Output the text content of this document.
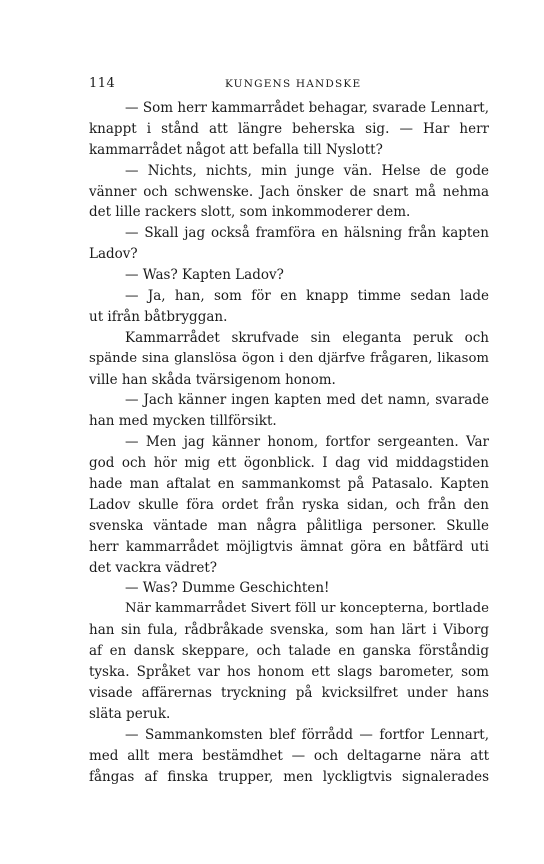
114	KUNGENS HANDSKE
— Som herr kammarrådet behagar, svarade Lennart,
knappt i stånd att längre beherska sig. — Har herr
kammarrådet något att befalla till Nyslott?
— Nichts, nichts, min junge vän. Helse de gode
vänner och schwenske. Jach önsker de snart må nehma
det lille rackers slott, som inkommoderer dem.
— Skall jag också framföra en hälsning från kapten
Ladov?
— Was? Kapten Ladov?
— Ja, han, som för en knapp timme sedan lade
ut ifrån båtbryggan.
Kammarrådet skrufvade sin eleganta peruk och
spände sina glanslösa ögon i den djärfve frågaren, likasom
ville han skåda tvärsigenom honom.
— Jach känner ingen kapten med det namn, svarade
han med mycken tillförsikt.
— Men jag känner honom, fortfor sergeanten. Var
god och hör mig ett ögonblick. I dag vid middagstiden
hade man aftalat en sammankomst på Patasalo. Kapten
Ladov skulle föra ordet från ryska sidan, och från den
svenska väntade man några pålitliga personer. Skulle
herr kammarrådet möjligtvis ämnat göra en båtfärd uti
det vackra vädret?
— Was? Dumme Geschichten!
När kammarrådet Sivert föll ur koncepterna, bortlade
han sin fula, rådbråkade svenska, som han lärt i Viborg
af en dansk skeppare, och talade en ganska förståndig
tyska. Språket var hos honom ett slags barometer, som
visade affärernas tryckning på kvicksilfret under hans
släta peruk.
— Sammankomsten blef förrådd — fortfor Lennart,
med allt mera bestämdhet — och deltagarne nära att
fångas af finska trupper, men lyckligtvis signalerades
